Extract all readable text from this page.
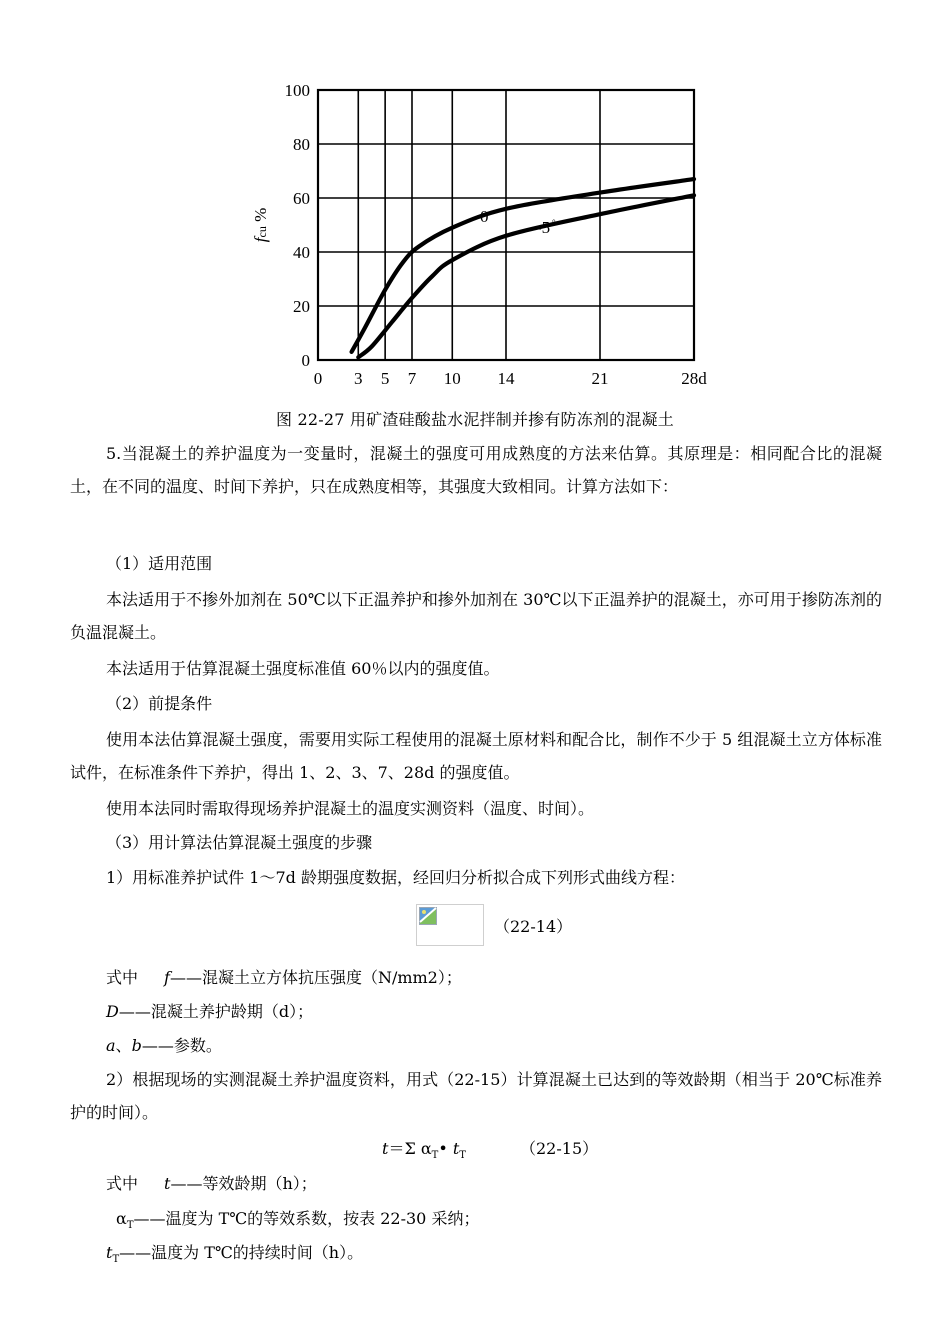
100
80
60
40
20
0
0 3 5 7 10 14	21	28d
fcu %	0 °
-5 °
图 22-27 用矿渣硅酸盐水泥拌制并掺有防冻剂的混凝土
5.当混凝土的养护温度为一变量时，混凝土的强度可用成熟度的方法来估算。其原理是：相同配合比的混凝土，在不同的温度、时间下养护，只在成熟度相等，其强度大致相同。计算方法如下：
（1）适用范围
本法适用于不掺外加剂在 50℃以下正温养护和掺外加剂在 30℃以下正温养护的混凝土，亦可用于掺防冻剂的负温混凝土。
本法适用于估算混凝土强度标准值 60％以内的强度值。
（2）前提条件
使用本法估算混凝土强度，需要用实际工程使用的混凝土原材料和配合比，制作不少于 5 组混凝土立方体标准试件，在标准条件下养护，得出 1、2、3、7、28d 的强度值。
使用本法同时需取得现场养护混凝土的温度实测资料（温度、时间）。
（3）用计算法估算混凝土强度的步骤
1）用标准养护试件 1～7d 龄期强度数据，经回归分析拟合成下列形式曲线方程：
（22-14）
式中 f——混凝土立方体抗压强度（N/mm2）；
D——混凝土养护龄期（d）；
a、b——参数。
2）根据现场的实测混凝土养护温度资料，用式（22-15）计算混凝土已达到的等效龄期（相当于 20℃标准养护的时间）。
t＝Σ $\alpha_T•$ $t_T$	（22-15）
式中 t——等效龄期（h）；
$\alpha_T——$温度为 T℃的等效系数，按表 22-30 采纳；
$t_T——$温度为 T℃的持续时间（h）。
